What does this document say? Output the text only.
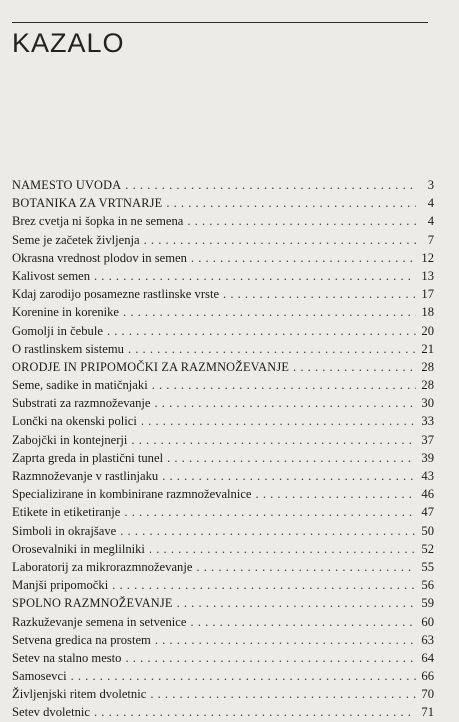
KAZALO
NAMESTO UVODA . . .	3
BOTANIKA ZA VRTNARJE . . .	4
Brez cvetja ni šopka in ne semena . . .	4
Seme je začetek življenja . . .	7
Okrasna vrednost plodov in semen . . .	12
Kalivost semen . . .	13
Kdaj zarodijo posamezne rastlinske vrste . . .	17
Korenine in korenike . . .	18
Gomolji in čebule . . .	20
O rastlinskem sistemu . . .	21
ORODJE IN PRIPOMOČKI ZA RAZMNOŽEVANJE . . .	28
Seme, sadike in matičnjaki . . .	28
Substrati za razmnoževanje . . .	30
Lončki na okenski polici . . .	33
Zabojčki in kontejnerji . . .	37
Zaprta greda in plastični tunel . . .	39
Razmnoževanje v rastlinjaku . . .	43
Specializirane in kombinirane razmnoževalnice . . .	46
Etikete in etiketiranje . . .	47
Simboli in okrajšave . . .	50
Orosevalniki in meglilniki . . .	52
Laboratorij za mikrorazmnoževanje . . .	55
Manjši pripomočki . . .	56
SPOLNO RAZMNOŽEVANJE . . .	59
Razkuževanje semena in setvenice . . .	60
Setvena gredica na prostem . . .	63
Setev na stalno mesto . . .	64
Samosevci . . .	66
Življenjski ritem dvoletnic . . .	70
Setev dvoletnic . . .	71
